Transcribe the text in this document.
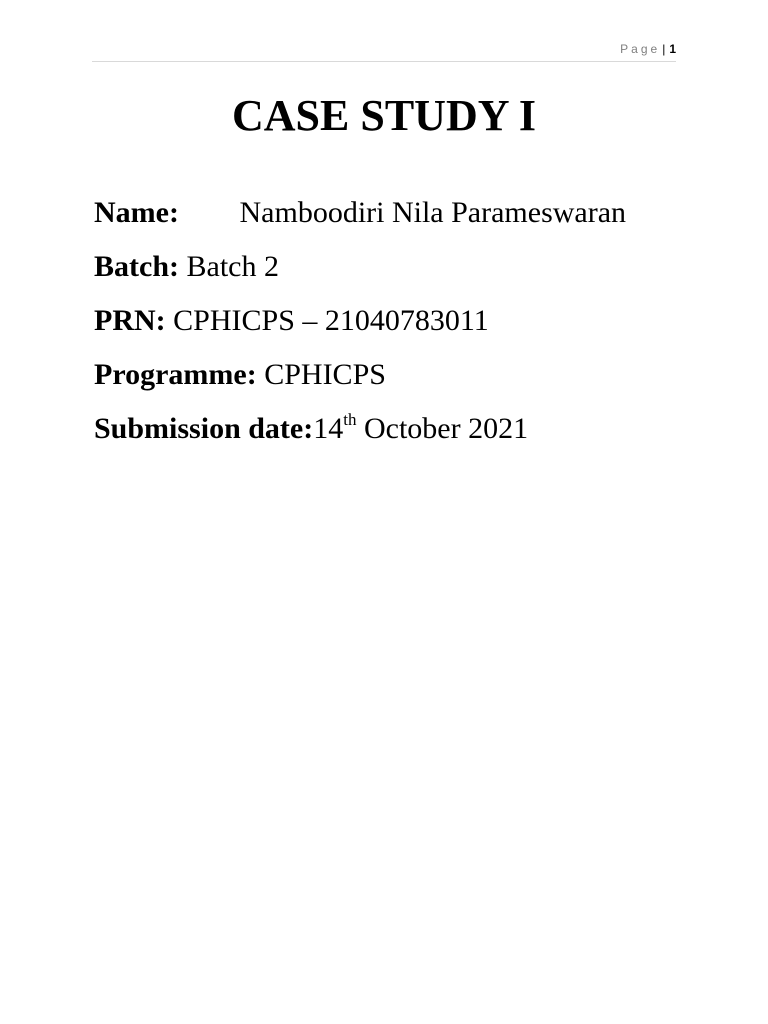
Page | 1
CASE STUDY I
Name: Namboodiri Nila Parameswaran
Batch: Batch 2
PRN: CPHICPS – 21040783011
Programme: CPHICPS
Submission date:14th October 2021
